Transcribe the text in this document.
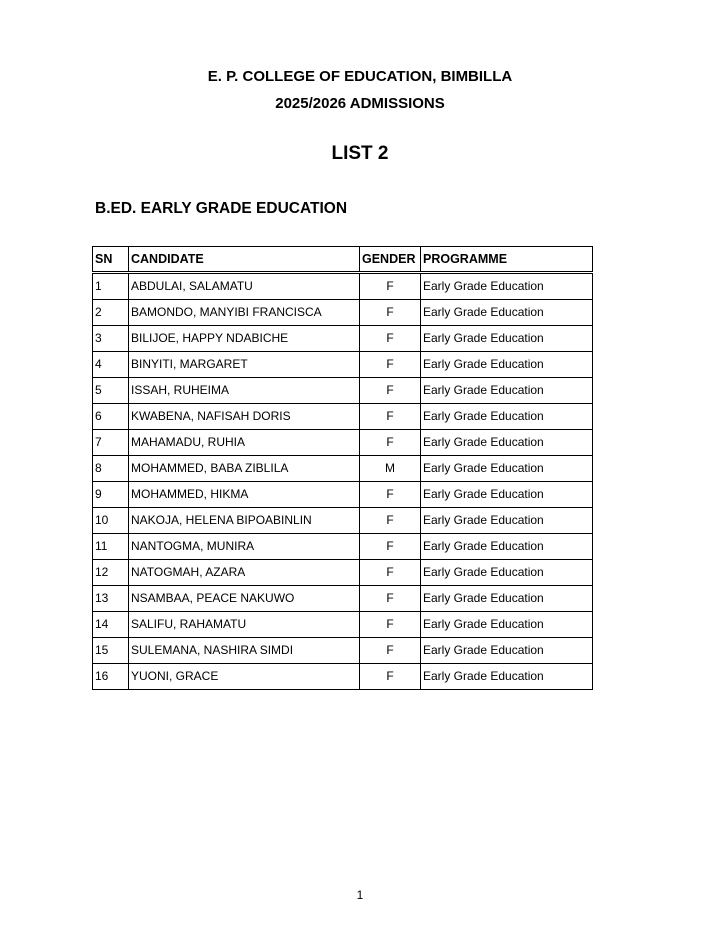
E. P. COLLEGE OF EDUCATION, BIMBILLA

2025/2026 ADMISSIONS

LIST 2
B.ED. EARLY GRADE EDUCATION
SN	CANDIDATE	GENDER	PROGRAMME
1	ABDULAI, SALAMATU	F	Early Grade Education
2	BAMONDO, MANYIBI FRANCISCA	F	Early Grade Education
3	BILIJOE, HAPPY NDABICHE	F	Early Grade Education
4	BINYITI, MARGARET	F	Early Grade Education
5	ISSAH, RUHEIMA	F	Early Grade Education
6	KWABENA, NAFISAH DORIS	F	Early Grade Education
7	MAHAMADU, RUHIA	F	Early Grade Education
8	MOHAMMED, BABA ZIBLILA	M	Early Grade Education
9	MOHAMMED, HIKMA	F	Early Grade Education
10	NAKOJA, HELENA BIPOABINLIN	F	Early Grade Education
11	NANTOGMA, MUNIRA	F	Early Grade Education
12	NATOGMAH, AZARA	F	Early Grade Education
13	NSAMBAA, PEACE NAKUWO	F	Early Grade Education
14	SALIFU, RAHAMATU	F	Early Grade Education
15	SULEMANA, NASHIRA SIMDI	F	Early Grade Education
16	YUONI, GRACE	F	Early Grade Education

1
